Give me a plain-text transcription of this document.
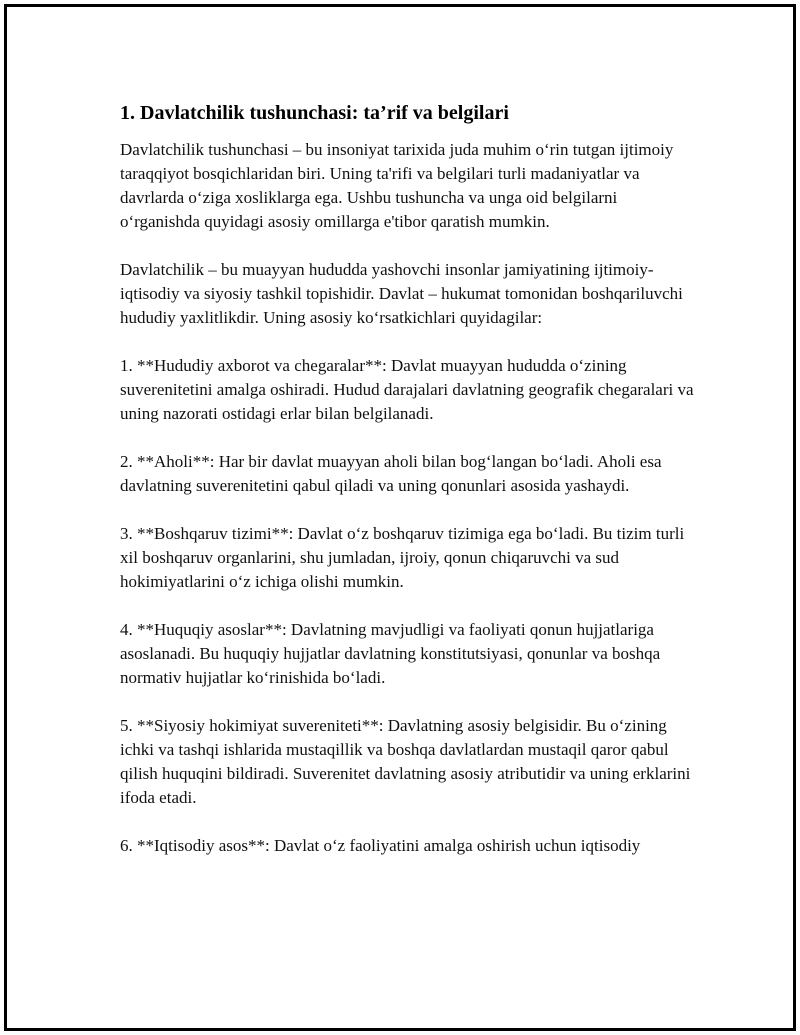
1. Davlatchilik tushunchasi: ta’rif va belgilari

Davlatchilik tushunchasi – bu insoniyat tarixida juda muhim o‘rin tutgan ijtimoiy taraqqiyot bosqichlaridan biri. Uning ta'rifi va belgilari turli madaniyatlar va davrlarda o‘ziga xosliklarga ega. Ushbu tushuncha va unga oid belgilarni o‘rganishda quyidagi asosiy omillarga e'tibor qaratish mumkin.

Davlatchilik – bu muayyan hududda yashovchi insonlar jamiyatining ijtimoiy-iqtisodiy va siyosiy tashkil topishidir. Davlat – hukumat tomonidan boshqariluvchi hududiy yaxlitlikdir. Uning asosiy ko‘rsatkichlari quyidagilar:

1. **Hududiy axborot va chegaralar**: Davlat muayyan hududda o‘zining suverenitetini amalga oshiradi. Hudud darajalari davlatning geografik chegaralari va uning nazorati ostidagi erlar bilan belgilanadi.

2. **Aholi**: Har bir davlat muayyan aholi bilan bog‘langan bo‘ladi. Aholi esa davlatning suverenitetini qabul qiladi va uning qonunlari asosida yashaydi.

3. **Boshqaruv tizimi**: Davlat o‘z boshqaruv tizimiga ega bo‘ladi. Bu tizim turli xil boshqaruv organlarini, shu jumladan, ijroiy, qonun chiqaruvchi va sud hokimiyatlarini o‘z ichiga olishi mumkin.

4. **Huquqiy asoslar**: Davlatning mavjudligi va faoliyati qonun hujjatlariga asoslanadi. Bu huquqiy hujjatlar davlatning konstitutsiyasi, qonunlar va boshqa normativ hujjatlar ko‘rinishida bo‘ladi.

5. **Siyosiy hokimiyat suvereniteti**: Davlatning asosiy belgisidir. Bu o‘zining ichki va tashqi ishlarida mustaqillik va boshqa davlatlardan mustaqil qaror qabul qilish huquqini bildiradi. Suverenitet davlatning asosiy atributidir va uning erklarini ifoda etadi.

6. **Iqtisodiy asos**: Davlat o‘z faoliyatini amalga oshirish uchun iqtisodiy
